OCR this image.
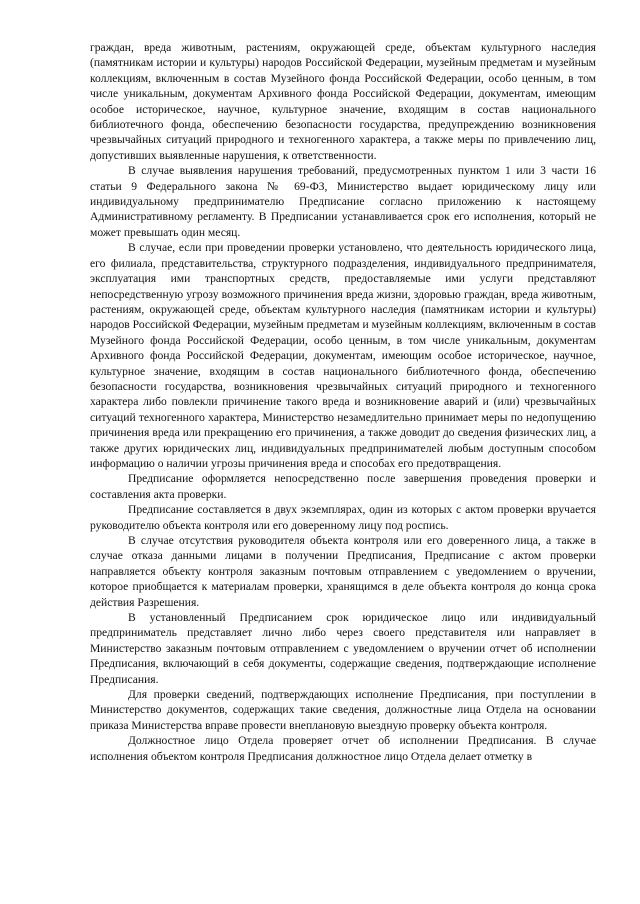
граждан, вреда животным, растениям, окружающей среде, объектам культурного наследия (памятникам истории и культуры) народов Российской Федерации, музейным предметам и музейным коллекциям, включенным в состав Музейного фонда Российской Федерации, особо ценным, в том числе уникальным, документам Архивного фонда Российской Федерации, документам, имеющим особое историческое, научное, культурное значение, входящим в состав национального библиотечного фонда, обеспечению безопасности государства, предупреждению возникновения чрезвычайных ситуаций природного и техногенного характера, а также меры по привлечению лиц, допустивших выявленные нарушения, к ответственности.

В случае выявления нарушения требований, предусмотренных пунктом 1 или 3 части 16 статьи 9 Федерального закона № 69-ФЗ, Министерство выдает юридическому лицу или индивидуальному предпринимателю Предписание согласно приложению к настоящему Административному регламенту. В Предписании устанавливается срок его исполнения, который не может превышать один месяц.

В случае, если при проведении проверки установлено, что деятельность юридического лица, его филиала, представительства, структурного подразделения, индивидуального предпринимателя, эксплуатация ими транспортных средств, предоставляемые ими услуги представляют непосредственную угрозу возможного причинения вреда жизни, здоровью граждан, вреда животным, растениям, окружающей среде, объектам культурного наследия (памятникам истории и культуры) народов Российской Федерации, музейным предметам и музейным коллекциям, включенным в состав Музейного фонда Российской Федерации, особо ценным, в том числе уникальным, документам Архивного фонда Российской Федерации, документам, имеющим особое историческое, научное, культурное значение, входящим в состав национального библиотечного фонда, обеспечению безопасности государства, возникновения чрезвычайных ситуаций природного и техногенного характера либо повлекли причинение такого вреда и возникновение аварий и (или) чрезвычайных ситуаций техногенного характера, Министерство незамедлительно принимает меры по недопущению причинения вреда или прекращению его причинения, а также доводит до сведения физических лиц, а также других юридических лиц, индивидуальных предпринимателей любым доступным способом информацию о наличии угрозы причинения вреда и способах его предотвращения.

Предписание оформляется непосредственно после завершения проведения проверки и составления акта проверки.

Предписание составляется в двух экземплярах, один из которых с актом проверки вручается руководителю объекта контроля или его доверенному лицу под роспись.

В случае отсутствия руководителя объекта контроля или его доверенного лица, а также в случае отказа данными лицами в получении Предписания, Предписание с актом проверки направляется объекту контроля заказным почтовым отправлением с уведомлением о вручении, которое приобщается к материалам проверки, хранящимся в деле объекта контроля до конца срока действия Разрешения.

В установленный Предписанием срок юридическое лицо или индивидуальный предприниматель представляет лично либо через своего представителя или направляет в Министерство заказным почтовым отправлением с уведомлением о вручении отчет об исполнении Предписания, включающий в себя документы, содержащие сведения, подтверждающие исполнение Предписания.

Для проверки сведений, подтверждающих исполнение Предписания, при поступлении в Министерство документов, содержащих такие сведения, должностные лица Отдела на основании приказа Министерства вправе провести внеплановую выездную проверку объекта контроля.

Должностное лицо Отдела проверяет отчет об исполнении Предписания. В случае исполнения объектом контроля Предписания должностное лицо Отдела делает отметку в
